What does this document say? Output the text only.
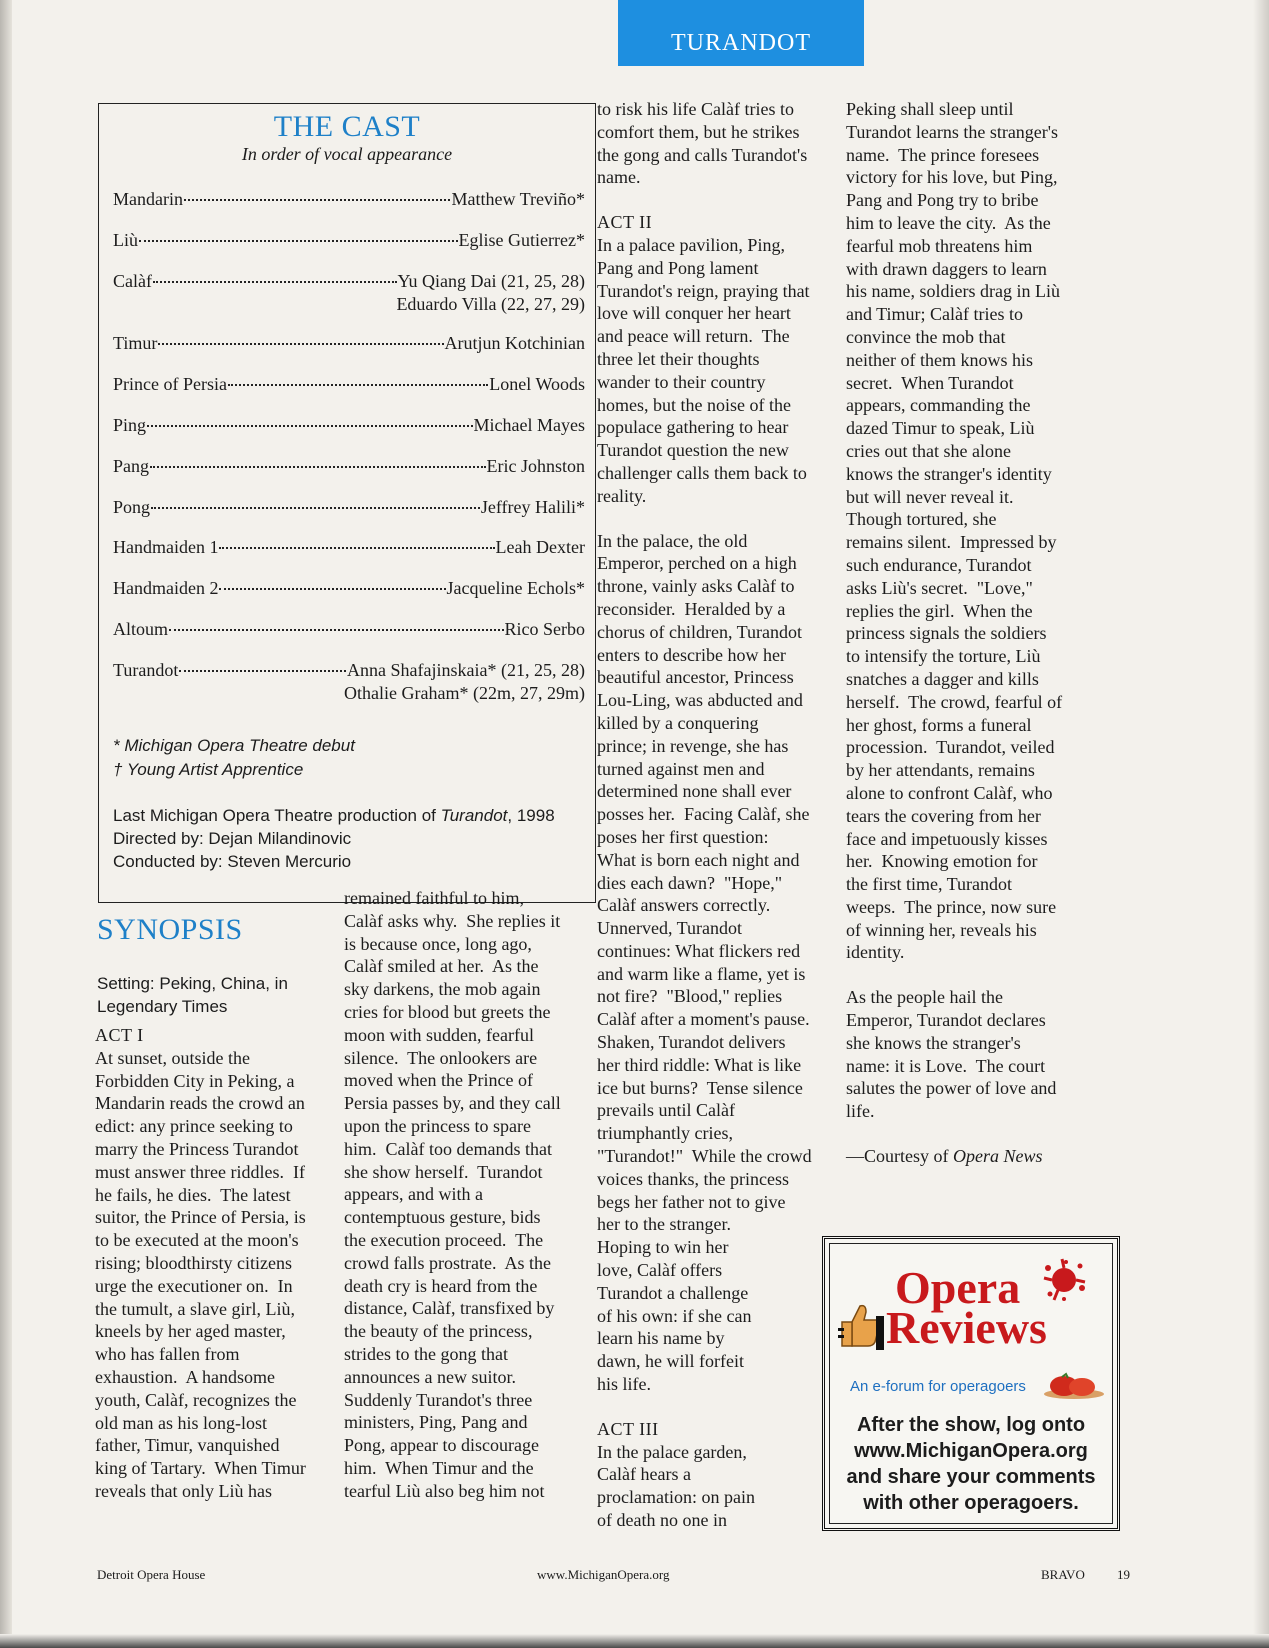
TURANDOT
THE CAST
In order of vocal appearance
Mandarin	Matthew Treviño*
Liù	Eglise Gutierrez*
Calàf	Yu Qiang Dai (21, 25, 28)
Eduardo Villa (22, 27, 29)
Timur	Arutjun Kotchinian
Prince of Persia	Lonel Woods
Ping	Michael Mayes
Pang	Eric Johnston
Pong	Jeffrey Halili*
Handmaiden 1	Leah Dexter
Handmaiden 2	Jacqueline Echols*
Altoum	Rico Serbo
Turandot	Anna Shafajinskaia* (21, 25, 28)
Othalie Graham* (22m, 27, 29m)
* Michigan Opera Theatre debut
† Young Artist Apprentice
Last Michigan Opera Theatre production of Turandot, 1998
Directed by: Dejan Milandinovic
Conducted by: Steven Mercurio
SYNOPSIS
Setting: Peking, China, in Legendary Times
ACT I
At sunset, outside the
Forbidden City in Peking, a
Mandarin reads the crowd an
edict: any prince seeking to
marry the Princess Turandot
must answer three riddles.  If
he fails, he dies.  The latest
suitor, the Prince of Persia, is
to be executed at the moon's
rising; bloodthirsty citizens
urge the executioner on.  In
the tumult, a slave girl, Liù,
kneels by her aged master,
who has fallen from
exhaustion.  A handsome
youth, Calàf, recognizes the
old man as his long-lost
father, Timur, vanquished
king of Tartary.  When Timur
reveals that only Liù has
remained faithful to him,
Calàf asks why.  She replies it
is because once, long ago,
Calàf smiled at her.  As the
sky darkens, the mob again
cries for blood but greets the
moon with sudden, fearful
silence.  The onlookers are
moved when the Prince of
Persia passes by, and they call
upon the princess to spare
him.  Calàf too demands that
she show herself.  Turandot
appears, and with a
contemptuous gesture, bids
the execution proceed.  The
crowd falls prostrate.  As the
death cry is heard from the
distance, Calàf, transfixed by
the beauty of the princess,
strides to the gong that
announces a new suitor.
Suddenly Turandot's three
ministers, Ping, Pang and
Pong, appear to discourage
him.  When Timur and the
tearful Liù also beg him not
to risk his life Calàf tries to
comfort them, but he strikes
the gong and calls Turandot's
name.
ACT II
In a palace pavilion, Ping,
Pang and Pong lament
Turandot's reign, praying that
love will conquer her heart
and peace will return.  The
three let their thoughts
wander to their country
homes, but the noise of the
populace gathering to hear
Turandot question the new
challenger calls them back to
reality.
In the palace, the old
Emperor, perched on a high
throne, vainly asks Calàf to
reconsider.  Heralded by a
chorus of children, Turandot
enters to describe how her
beautiful ancestor, Princess
Lou-Ling, was abducted and
killed by a conquering
prince; in revenge, she has
turned against men and
determined none shall ever
posses her.  Facing Calàf, she
poses her first question:
What is born each night and
dies each dawn?  "Hope,"
Calàf answers correctly.
Unnerved, Turandot
continues: What flickers red
and warm like a flame, yet is
not fire?  "Blood," replies
Calàf after a moment's pause.
Shaken, Turandot delivers
her third riddle: What is like
ice but burns?  Tense silence
prevails until Calàf
triumphantly cries,
"Turandot!"  While the crowd
voices thanks, the princess
begs her father not to give
her to the stranger.
Hoping to win her
love, Calàf offers
Turandot a challenge
of his own: if she can
learn his name by
dawn, he will forfeit
his life.
ACT III
In the palace garden,
Calàf hears a
proclamation: on pain
of death no one in
Peking shall sleep until
Turandot learns the stranger's
name.  The prince foresees
victory for his love, but Ping,
Pang and Pong try to bribe
him to leave the city.  As the
fearful mob threatens him
with drawn daggers to learn
his name, soldiers drag in Liù
and Timur; Calàf tries to
convince the mob that
neither of them knows his
secret.  When Turandot
appears, commanding the
dazed Timur to speak, Liù
cries out that she alone
knows the stranger's identity
but will never reveal it.
Though tortured, she
remains silent.  Impressed by
such endurance, Turandot
asks Liù's secret.  "Love,"
replies the girl.  When the
princess signals the soldiers
to intensify the torture, Liù
snatches a dagger and kills
herself.  The crowd, fearful of
her ghost, forms a funeral
procession.  Turandot, veiled
by her attendants, remains
alone to confront Calàf, who
tears the covering from her
face and impetuously kisses
her.  Knowing emotion for
the first time, Turandot
weeps.  The prince, now sure
of winning her, reveals his
identity.
As the people hail the
Emperor, Turandot declares
she knows the stranger's
name: it is Love.  The court
salutes the power of love and
life.
—Courtesy of Opera News
Opera
Reviews
An e-forum for operagoers
After the show, log onto
www.MichiganOpera.org
and share your comments
with other operagoers.
Detroit Opera House	www.MichiganOpera.org	BRAVO 19
